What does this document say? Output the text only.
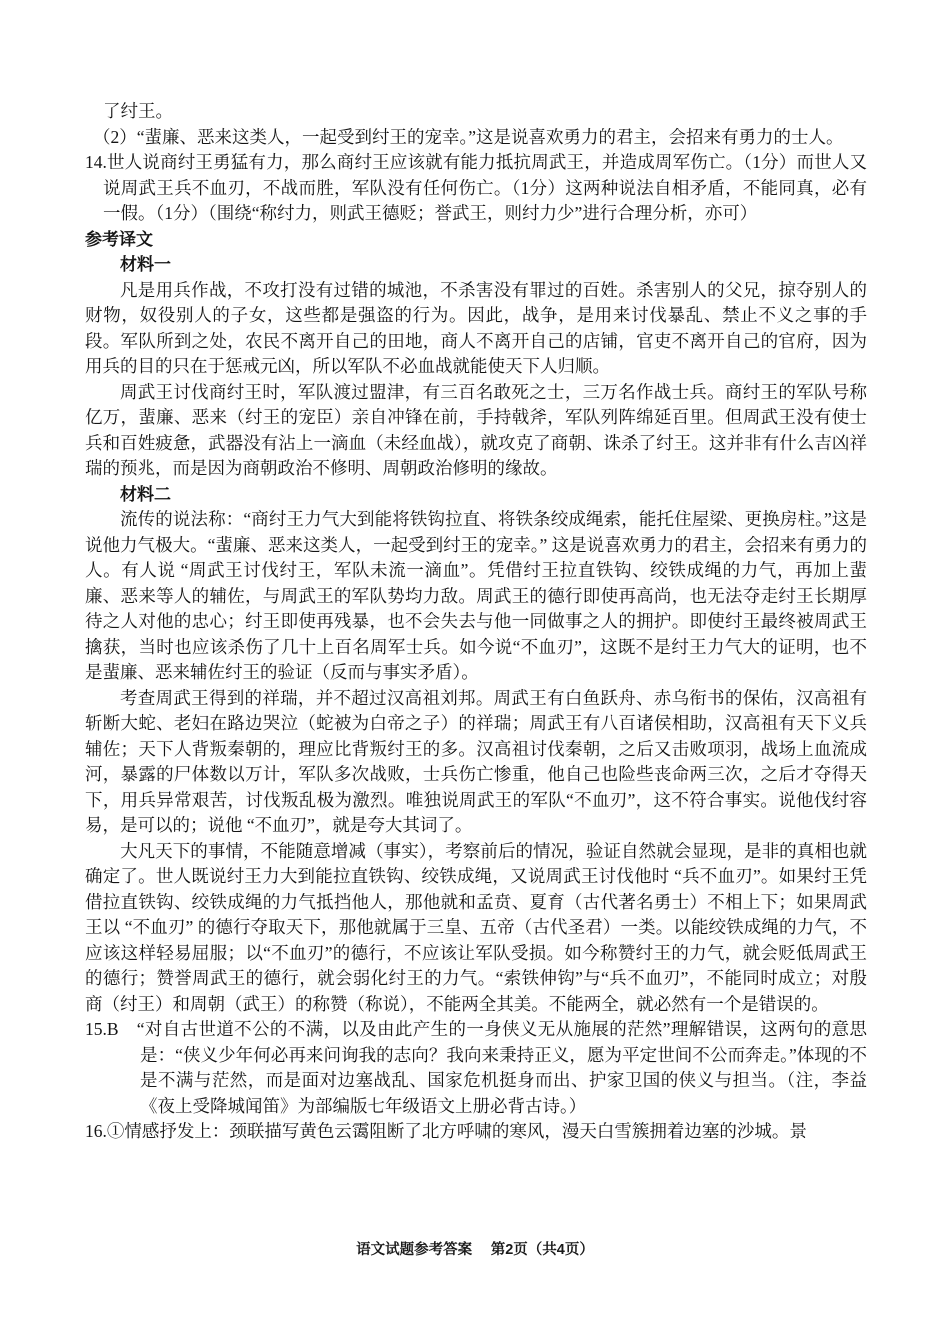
了纣王。
（2）“蜚廉、恶来这类人，一起受到纣王的宠幸。”这是说喜欢勇力的君主，会招来有勇力的士人。
14.世人说商纣王勇猛有力，那么商纣王应该就有能力抵抗周武王，并造成周军伤亡。（1分）而世人又说周武王兵不血刃，不战而胜，军队没有任何伤亡。（1分）这两种说法自相矛盾，不能同真，必有一假。（1分）（围绕“称纣力，则武王德贬；誉武王，则纣力少”进行合理分析，亦可）
参考译文
材料一
凡是用兵作战，不攻打没有过错的城池，不杀害没有罪过的百姓。杀害别人的父兄，掠夺别人的财物，奴役别人的子女，这些都是强盗的行为。因此，战争，是用来讨伐暴乱、禁止不义之事的手段。军队所到之处，农民不离开自己的田地，商人不离开自己的店铺，官吏不离开自己的官府，因为用兵的目的只在于惩戒元凶，所以军队不必血战就能使天下人归顺。
周武王讨伐商纣王时，军队渡过盟津，有三百名敢死之士，三万名作战士兵。商纣王的军队号称亿万，蜚廉、恶来（纣王的宠臣）亲自冲锋在前，手持戟斧，军队列阵绵延百里。但周武王没有使士兵和百姓疲惫，武器没有沾上一滴血（未经血战），就攻克了商朝、诛杀了纣王。这并非有什么吉凶祥瑞的预兆，而是因为商朝政治不修明、周朝政治修明的缘故。
材料二
流传的说法称：“商纣王力气大到能将铁钩拉直、将铁条绞成绳索，能托住屋梁、更换房柱。”这是说他力气极大。“蜚廉、恶来这类人，一起受到纣王的宠幸。” 这是说喜欢勇力的君主，会招来有勇力的人。有人说 “周武王讨伐纣王，军队未流一滴血”。凭借纣王拉直铁钩、绞铁成绳的力气，再加上蜚廉、恶来等人的辅佐，与周武王的军队势均力敌。周武王的德行即使再高尚，也无法夺走纣王长期厚待之人对他的忠心；纣王即使再残暴，也不会失去与他一同做事之人的拥护。即使纣王最终被周武王擒获，当时也应该杀伤了几十上百名周军士兵。如今说“不血刃”，这既不是纣王力气大的证明，也不是蜚廉、恶来辅佐纣王的验证（反而与事实矛盾）。
考查周武王得到的祥瑞，并不超过汉高祖刘邦。周武王有白鱼跃舟、赤乌衔书的保佑，汉高祖有斩断大蛇、老妇在路边哭泣（蛇被为白帝之子）的祥瑞；周武王有八百诸侯相助，汉高祖有天下义兵辅佐；天下人背叛秦朝的，理应比背叛纣王的多。汉高祖讨伐秦朝，之后又击败项羽，战场上血流成河，暴露的尸体数以万计，军队多次战败，士兵伤亡惨重，他自己也险些丧命两三次，之后才夺得天下，用兵异常艰苦，讨伐叛乱极为激烈。唯独说周武王的军队“不血刃”，这不符合事实。说他伐纣容易，是可以的；说他 “不血刃”，就是夸大其词了。
大凡天下的事情，不能随意增减（事实），考察前后的情况，验证自然就会显现，是非的真相也就确定了。世人既说纣王力大到能拉直铁钩、绞铁成绳，又说周武王讨伐他时 “兵不血刃”。如果纣王凭借拉直铁钩、绞铁成绳的力气抵挡他人，那他就和孟贲、夏育（古代著名勇士）不相上下；如果周武王以 “不血刃” 的德行夺取天下，那他就属于三皇、五帝（古代圣君）一类。以能绞铁成绳的力气，不应该这样轻易屈服；以“不血刃”的德行，不应该让军队受损。如今称赞纣王的力气，就会贬低周武王的德行；赞誉周武王的德行，就会弱化纣王的力气。“索铁伸钩”与“兵不血刃”，不能同时成立；对殷商（纣王）和周朝（武王）的称赞（称说），不能两全其美。不能两全，就必然有一个是错误的。
15.B　“对自古世道不公的不满，以及由此产生的一身侠义无从施展的茫然”理解错误，这两句的意思是：“侠义少年何必再来问询我的志向？我向来秉持正义，愿为平定世间不公而奔走。”体现的不是不满与茫然，而是面对边塞战乱、国家危机挺身而出、护家卫国的侠义与担当。（注，李益《夜上受降城闻笛》为部编版七年级语文上册必背古诗。）
16.①情感抒发上：颈联描写黄色云霭阻断了北方呼啸的寒风，漫天白雪簇拥着边塞的沙城。景
语文试题参考答案　 第2页（共4页）
